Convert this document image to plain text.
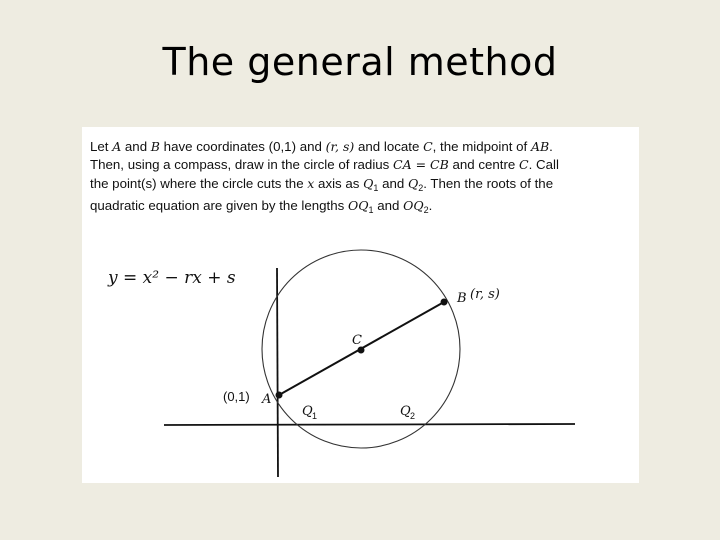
The general method
Let A and B have coordinates (0,1) and (r, s) and locate C, the midpoint of AB.
Then, using a compass, draw in the circle of radius CA = CB and centre C. Call
the point(s) where the circle cuts the x axis as $Q_1$ and $Q_2$. Then the roots of the
quadratic equation are given by the lengths $OQ_1$ and $OQ_2$.
y = x² − rx + s
(0,1) A
B (r, s)
C
Q 1	Q 2
